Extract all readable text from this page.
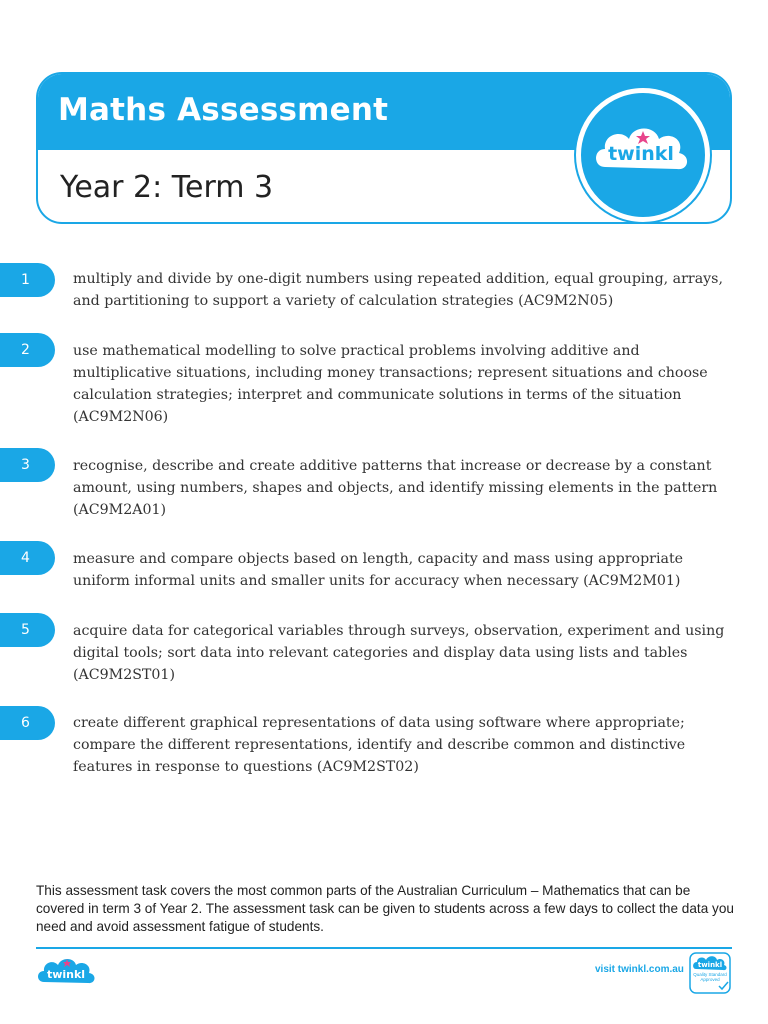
Maths Assessment
Year 2: Term 3
twinkl
1	multiply and divide by one-digit numbers using repeated addition, equal grouping, arrays, and partitioning to support a variety of calculation strategies (AC9M2N05)
2	use mathematical modelling to solve practical problems involving additive and multiplicative situations, including money transactions; represent situations and choose calculation strategies; interpret and communicate solutions in terms of the situation (AC9M2N06)
3	recognise, describe and create additive patterns that increase or decrease by a constant amount, using numbers, shapes and objects, and identify missing elements in the pattern (AC9M2A01)
4	measure and compare objects based on length, capacity and mass using appropriate uniform informal units and smaller units for accuracy when necessary (AC9M2M01)
5	acquire data for categorical variables through surveys, observation, experiment and using digital tools; sort data into relevant categories and display data using lists and tables (AC9M2ST01)
6	create different graphical representations of data using software where appropriate; compare the different representations, identify and describe common and distinctive features in response to questions (AC9M2ST02)
This assessment task covers the most common parts of the Australian Curriculum – Mathematics that can be covered in term 3 of Year 2. The assessment task can be given to students across a few days to collect the data you need and avoid assessment fatigue of students.
twinkl	visit twinkl.com.au twinkl
Quality Standard Approved
